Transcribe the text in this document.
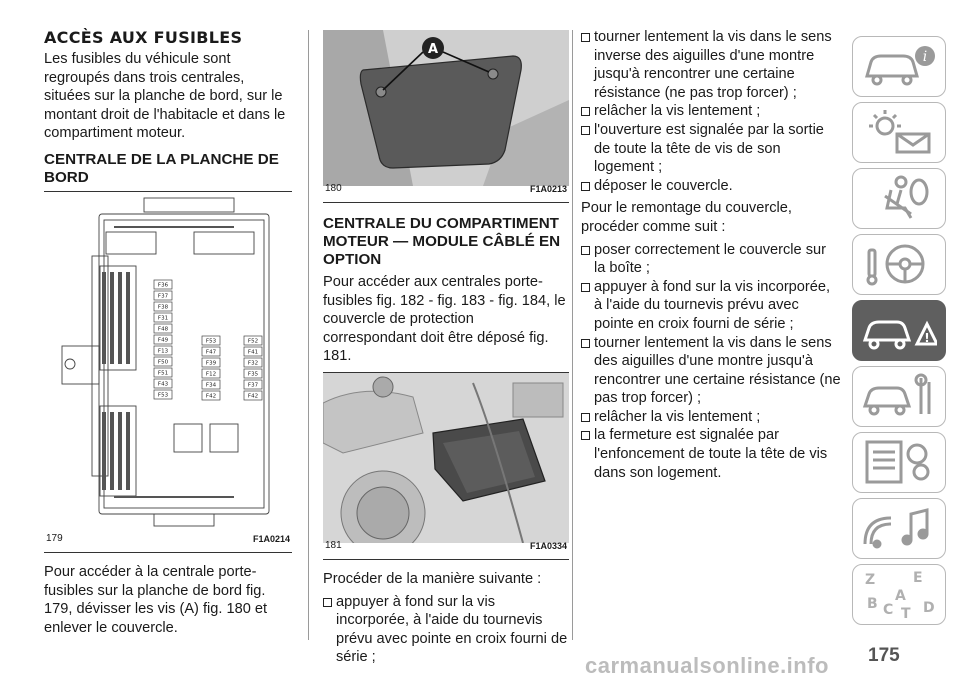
ACCÈS AUX FUSIBLES

Les fusibles du véhicule sont regroupés dans trois centrales, situées sur la planche de bord, sur le montant droit de l'habitacle et dans le compartiment moteur.

CENTRALE DE LA PLANCHE DE BORD
F36
F37
F38
F31
F48
F49
F13
F50
F51
F43
F53
F53
F47
F39
F12
F34
F42
F52
F41
F32
F35
F37
F42
179	F1A0214

Pour accéder à la centrale porte-fusibles sur la planche de bord fig. 179, dévisser les vis (A) fig. 180 et enlever le couvercle.

A
180	F1A0213
CENTRALE DU COMPARTIMENT MOTEUR — MODULE CÂBLÉ EN OPTION

Pour accéder aux centrales porte-fusibles fig. 182 - fig. 183 - fig. 184, le couvercle de protection correspondant doit être déposé fig. 181.

181	F1A0334

Procéder de la manière suivante :

appuyer à fond sur la vis incorporée, à l'aide du tournevis prévu avec pointe en croix fourni de série ;
tourner lentement la vis dans le sens inverse des aiguilles d'une montre jusqu'à rencontrer une certaine résistance (ne pas trop forcer) ;
relâcher la vis lentement ;
l'ouverture est signalée par la sortie de toute la tête de vis de son logement ;
déposer le couvercle.

Pour le remontage du couvercle, procéder comme suit :

poser correctement le couvercle sur la boîte ;
appuyer à fond sur la vis incorporée, à l'aide du tournevis prévu avec pointe en croix fourni de série ;
tourner lentement la vis dans le sens des aiguilles d'une montre jusqu'à rencontrer une certaine résistance (ne pas trop forcer) ;
relâcher la vis lentement ;
la fermeture est signalée par l'enfoncement de toute la tête de vis dans son logement.
i
!
Z	E
A
B C T D
175
carmanualsonline.info
